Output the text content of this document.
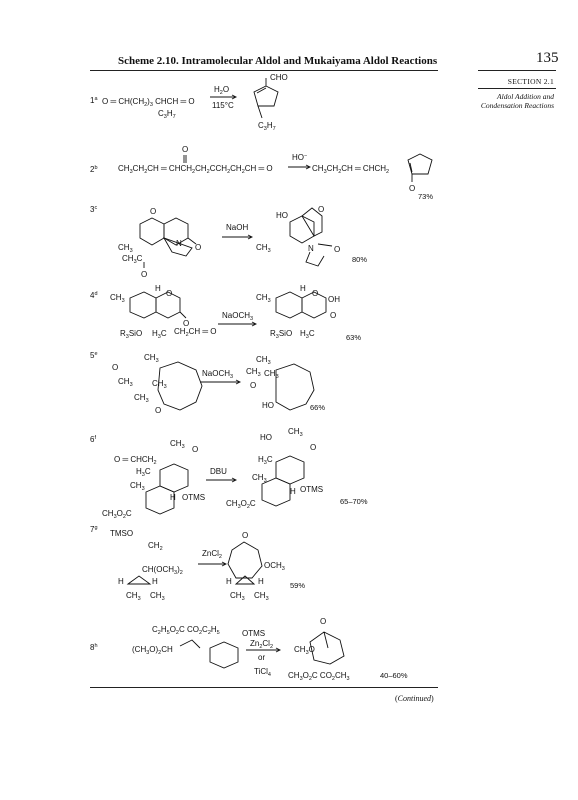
Scheme 2.10. Intramolecular Aldol and Mukaiyama Aldol Reactions	135
SECTION 2.1
Aldol Addition and
Condensation Reactions
(Continued)
1$^a$ O ═ $CH(CH_2)_3$ CHCH ═ O
$C_3H_7$
$H_2O$
115°C
CHO
$C_3H_7$
2$^b$
O
$CH_3CH_2CH$ ═ $CHCH_2CH_2CCH_2CH_2CH$ ═ O
HO−
$CH_3CH_2CH$ ═ $CHCH_2$
O
73%
3$^c$	O
N O
$CH_3$
$CH_3C$
O
NaOH
HO
O
N	O
$CH_3$
80%
4$^d$ $CH_3$
H
O
O
$R_3SiO$ $H_3C$ $CH_2CH$ ═ O
NaOCH$_3$
$CH_3$
H
O
OH
O
$R_3SiO$ $H_3C$	63%
5e	$CH_3$
O
$CH_3$ $CH_3$
$CH_3$
O
NaOCH$_3$
$CH_3$
$CH_3$ $CH_3$
O
HO	66%
6$^f$
$CH_3$
O ═ $CHCH_2$
$H_3C$
O
$CH_3$
H OTMS
$CH_3O_2C$
DBU
HO
$CH_3$
O
$H_3C$
$CH_3$
H OTMS
$CH_3O_2C$	65–70%
7$^g$
TMSO
$CH_2$
$CH(OCH_3)_2$
H	H
$CH_3$ $CH_3$
ZnCl$_2$
O
$OCH_3$
H	H
$CH_3$ $CH_3$
59%
8$^h$
$C_2H_5O_2C$ $CO_2C_2H_5$
$(CH_3O)_2CH$
OTMS
$Zn_2Cl_2$
or
TiCl$_4$
O
$CH_3O$
$CH_3O_2C$ $CO_2CH_3$	40–60%
